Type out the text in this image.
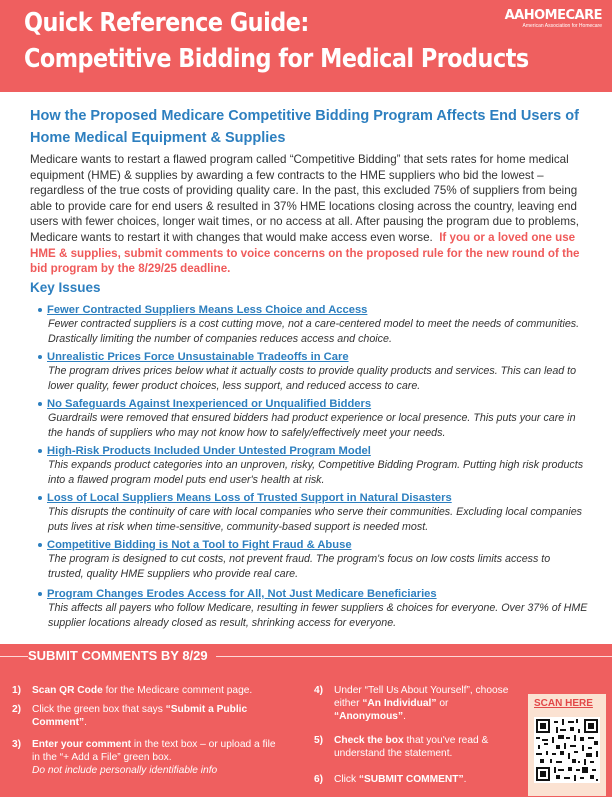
Quick Reference Guide:
Competitive Bidding for Medical Products
AAHOMECARE
American Association for Homecare
How the Proposed Medicare Competitive Bidding Program Affects End Users of Home Medical Equipment & Supplies
Medicare wants to restart a flawed program called “Competitive Bidding” that sets rates for home medical equipment (HME) & supplies by awarding a few contracts to the HME suppliers who bid the lowest – regardless of the true costs of providing quality care. In the past, this excluded 75% of suppliers from being able to provide care for end users & resulted in 37% HME locations closing across the country, leaving end users with fewer choices, longer wait times, or no access at all. After pausing the program due to problems, Medicare wants to restart it with changes that would make access even worse. If you or a loved one use HME & supplies, submit comments to voice concerns on the proposed rule for the new round of the bid program by the 8/29/25 deadline.
Key Issues
Fewer Contracted Suppliers Means Less Choice and Access
Fewer contracted suppliers is a cost cutting move, not a care-centered model to meet the needs of communities. Drastically limiting the number of companies reduces access and choice.
Unrealistic Prices Force Unsustainable Tradeoffs in Care
The program drives prices below what it actually costs to provide quality products and services. This can lead to lower quality, fewer product choices, less support, and reduced access to care.
No Safeguards Against Inexperienced or Unqualified Bidders
Guardrails were removed that ensured bidders had product experience or local presence. This puts your care in the hands of suppliers who may not know how to safely/effectively meet your needs.
High-Risk Products Included Under Untested Program Model
This expands product categories into an unproven, risky, Competitive Bidding Program. Putting high risk products into a flawed program model puts end user's health at risk.
Loss of Local Suppliers Means Loss of Trusted Support in Natural Disasters
This disrupts the continuity of care with local companies who serve their communities. Excluding local companies puts lives at risk when time-sensitive, community-based support is needed most.
Competitive Bidding is Not a Tool to Fight Fraud & Abuse
The program is designed to cut costs, not prevent fraud. The program's focus on low costs limits access to trusted, quality HME suppliers who provide real care.
Program Changes Erodes Access for All, Not Just Medicare Beneficiaries
This affects all payers who follow Medicare, resulting in fewer suppliers & choices for everyone. Over 37% of HME supplier locations already closed as result, shrinking access for everyone.
SUBMIT COMMENTS BY 8/29
1) Scan QR Code for the Medicare comment page.
2) Click the green box that says “Submit a Public Comment”.
3) Enter your comment in the text box – or upload a file in the “+ Add a File” green box.
Do not include personally identifiable info
4) Under “Tell Us About Yourself”, choose either “An Individual” or “Anonymous”.
5) Check the box that you've read & understand the statement.
6) Click “SUBMIT COMMENT”.
SCAN HERE
